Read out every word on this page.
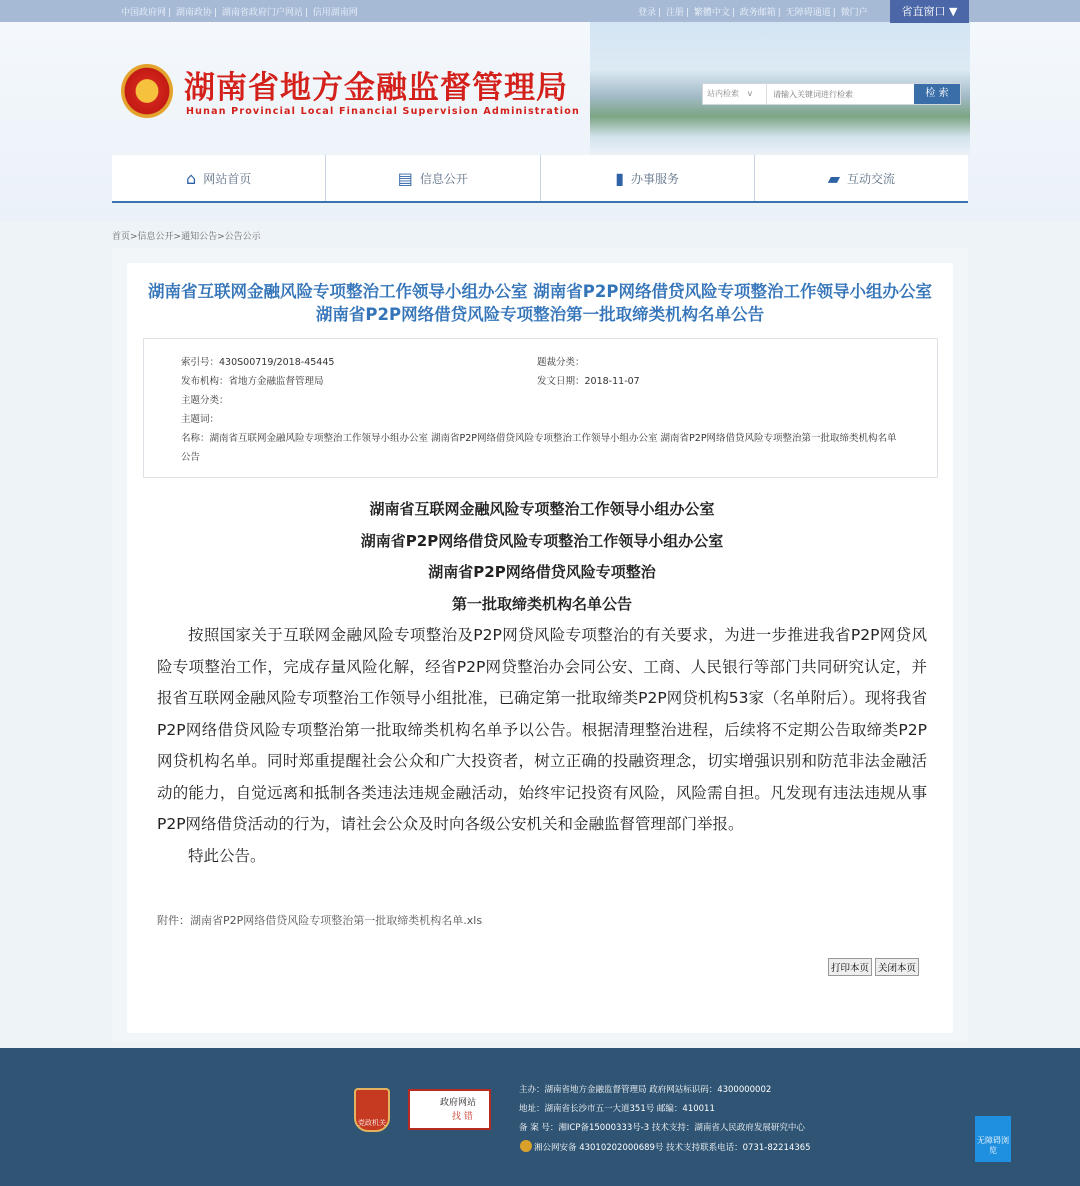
中国政府网 | 湖南政协 | 湖南省政府门户网站 | 信用湖南网	登录 | 注册 | 繁體中文 | 政务邮箱 | 无障碍通道 | 微门户	省直窗口 ▼
湖南省地方金融监督管理局
Hunan Provincial Local Financial Supervision Administration
站内检索 v
请输入关键词进行检索	检 索
⌂ 网站首页	▤ 信息公开	▮ 办事服务	▰ 互动交流
首页>信息公开>通知公告>公告公示
湖南省互联网金融风险专项整治工作领导小组办公室 湖南省P2P网络借贷风险专项整治工作领导小组办公室 湖南省P2P网络借贷风险专项整治第一批取缔类机构名单公告

索引号：430S00719/2018-45445	题裁分类：

发布机构：省地方金融监督管理局	发文日期：2018-11-07

主题分类：

主题词：

名称：湖南省互联网金融风险专项整治工作领导小组办公室 湖南省P2P网络借贷风险专项整治工作领导小组办公室 湖南省P2P网络借贷风险专项整治第一批取缔类机构名单公告

湖南省互联网金融风险专项整治工作领导小组办公室
湖南省P2P网络借贷风险专项整治工作领导小组办公室
湖南省P2P网络借贷风险专项整治
第一批取缔类机构名单公告
按照国家关于互联网金融风险专项整治及P2P网贷风险专项整治的有关要求，为进一步推进我省P2P网贷风险专项整治工作，完成存量风险化解，经省P2P网贷整治办会同公安、工商、人民银行等部门共同研究认定，并报省互联网金融风险专项整治工作领导小组批准，已确定第一批取缔类P2P网贷机构53家（名单附后）。现将我省P2P网络借贷风险专项整治第一批取缔类机构名单予以公告。根据清理整治进程，后续将不定期公告取缔类P2P网贷机构名单。同时郑重提醒社会公众和广大投资者，树立正确的投融资理念，切实增强识别和防范非法金融活动的能力，自觉远离和抵制各类违法违规金融活动，始终牢记投资有风险，风险需自担。凡发现有违法违规从事P2P网络借贷活动的行为，请社会公众及时向各级公安机关和金融监督管理部门举报。
特此公告。
附件：湖南省P2P网络借贷风险专项整治第一批取缔类机构名单.xls
打印本页 关闭本页
党政机关
政府网站
找 错
主办：湖南省地方金融监督管理局 政府网站标识码：4300000002
地址：湖南省长沙市五一大道351号 邮编：410011
备 案 号：湘ICP备15000333号-3 技术支持：湖南省人民政府发展研究中心
湘公网安备 43010202000689号 技术支持联系电话：0731-82214365
无障碍浏览
